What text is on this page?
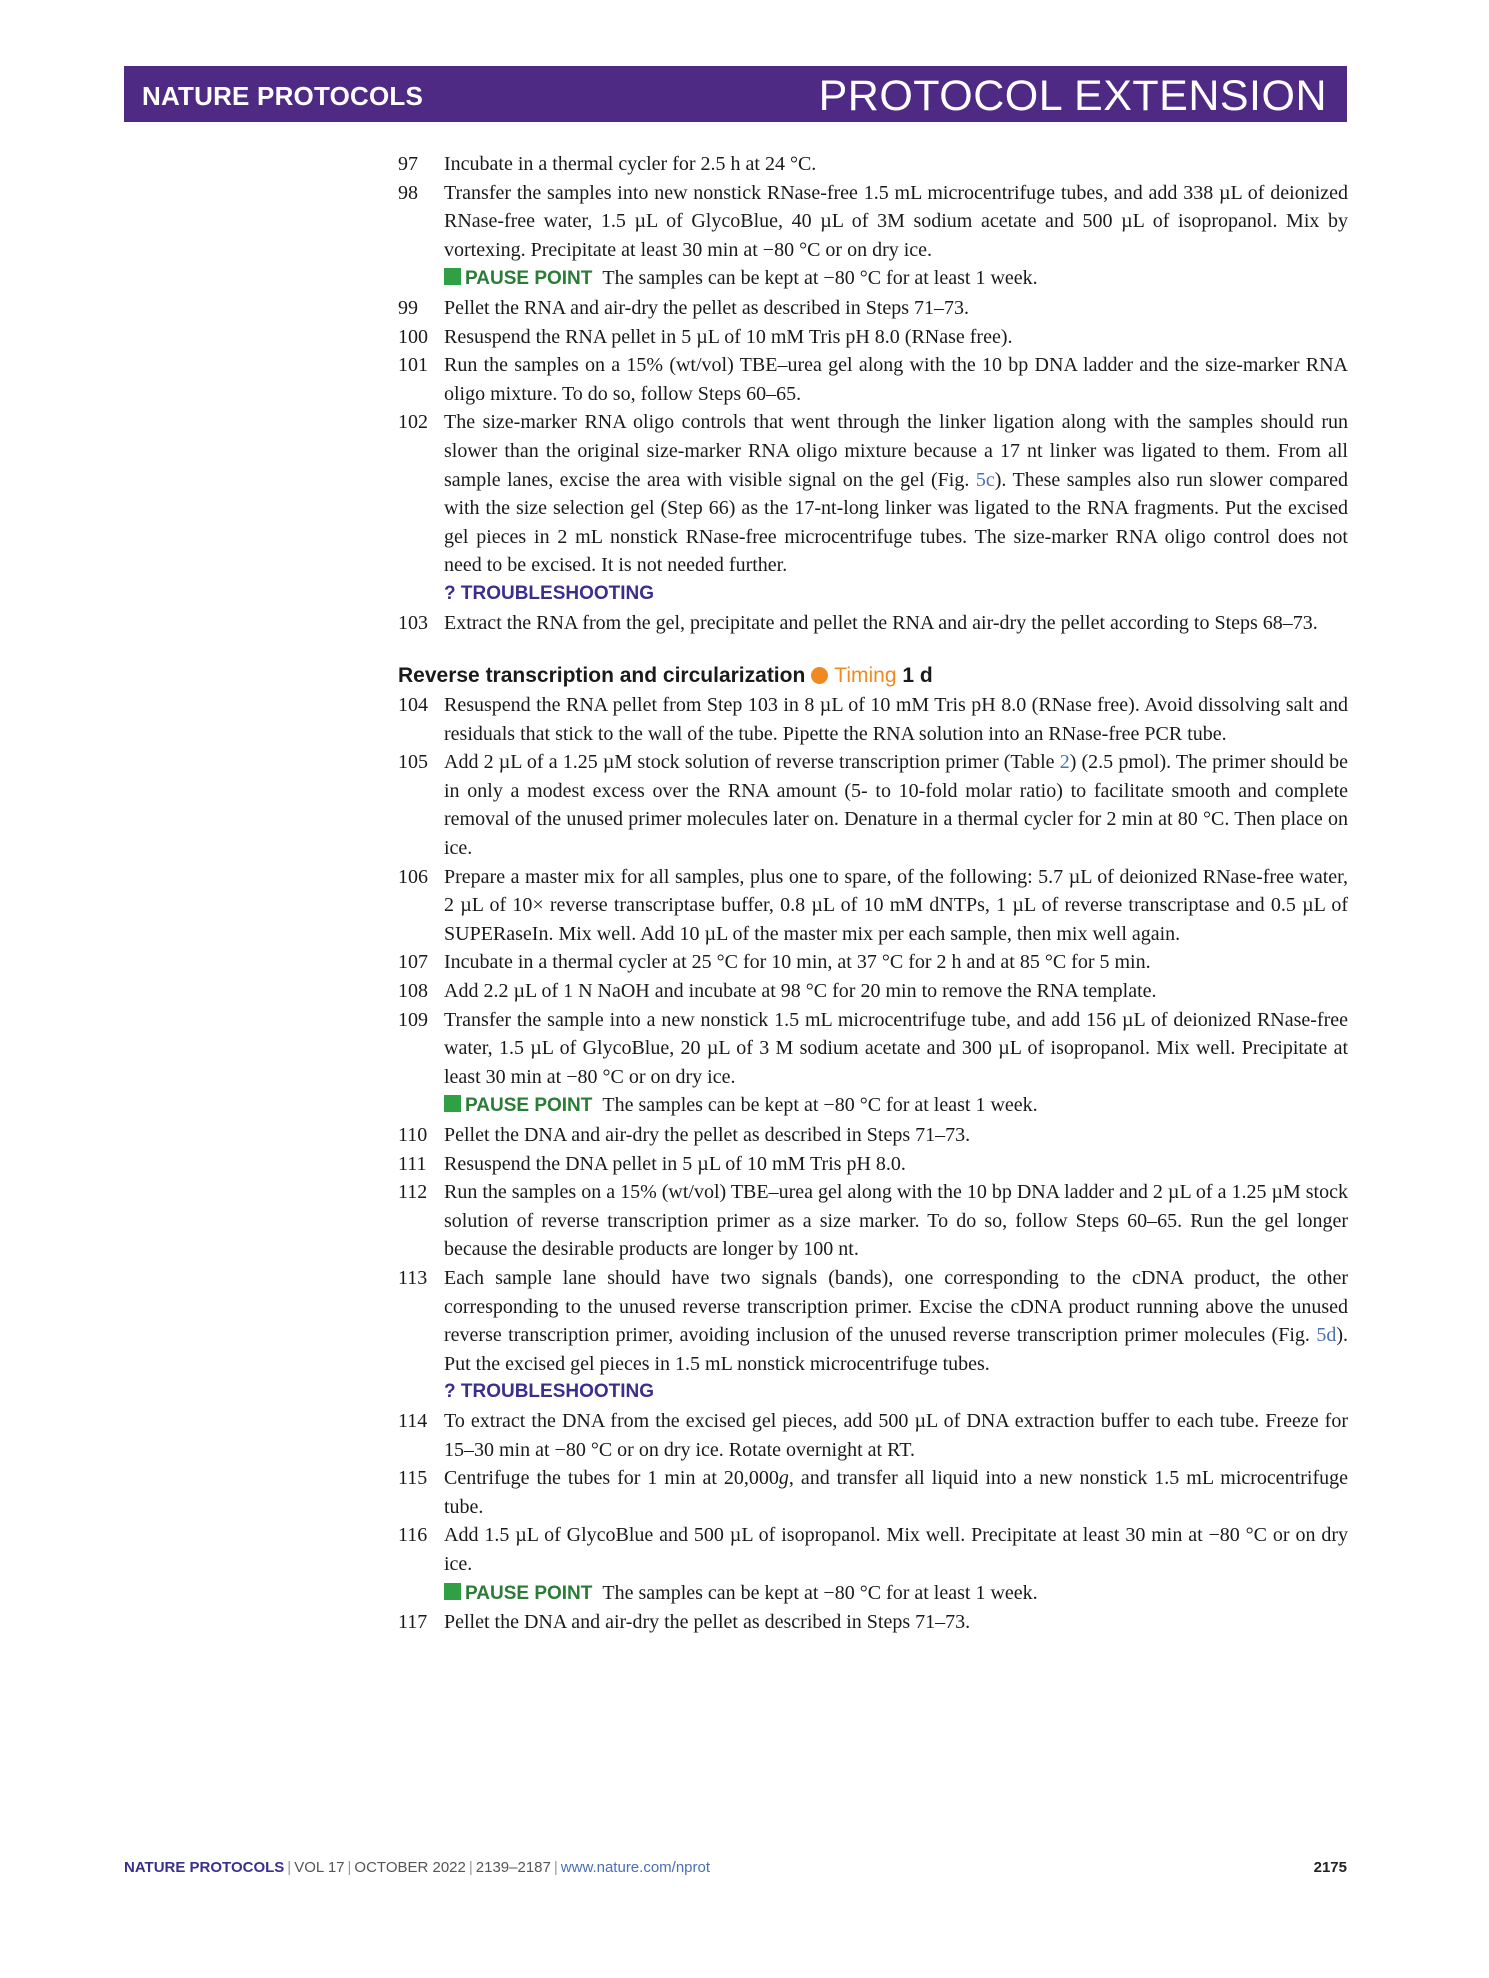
NATURE PROTOCOLS	PROTOCOL EXTENSION
97 Incubate in a thermal cycler for 2.5 h at 24 °C.

98 Transfer the samples into new nonstick RNase-free 1.5 mL microcentrifuge tubes, and add 338 µL of deionized RNase-free water, 1.5 µL of GlycoBlue, 40 µL of 3M sodium acetate and 500 µL of isopropanol. Mix by vortexing. Precipitate at least 30 min at −80 °C or on dry ice.

PAUSE POINT The samples can be kept at −80 °C for at least 1 week.

99 Pellet the RNA and air-dry the pellet as described in Steps 71–73.

100 Resuspend the RNA pellet in 5 µL of 10 mM Tris pH 8.0 (RNase free).

101 Run the samples on a 15% (wt/vol) TBE–urea gel along with the 10 bp DNA ladder and the size-marker RNA oligo mixture. To do so, follow Steps 60–65.

102 The size-marker RNA oligo controls that went through the linker ligation along with the samples should run slower than the original size-marker RNA oligo mixture because a 17 nt linker was ligated to them. From all sample lanes, excise the area with visible signal on the gel (Fig. 5c). These samples also run slower compared with the size selection gel (Step 66) as the 17-nt-long linker was ligated to the RNA fragments. Put the excised gel pieces in 2 mL nonstick RNase-free microcentrifuge tubes. The size-marker RNA oligo control does not need to be excised. It is not needed further.

? TROUBLESHOOTING

103 Extract the RNA from the gel, precipitate and pellet the RNA and air-dry the pellet according to Steps 68–73.

Reverse transcription and circularization Timing 1 d
104 Resuspend the RNA pellet from Step 103 in 8 µL of 10 mM Tris pH 8.0 (RNase free). Avoid dissolving salt and residuals that stick to the wall of the tube. Pipette the RNA solution into an RNase-free PCR tube.

105 Add 2 µL of a 1.25 µM stock solution of reverse transcription primer (Table 2) (2.5 pmol). The primer should be in only a modest excess over the RNA amount (5- to 10-fold molar ratio) to facilitate smooth and complete removal of the unused primer molecules later on. Denature in a thermal cycler for 2 min at 80 °C. Then place on ice.

106 Prepare a master mix for all samples, plus one to spare, of the following: 5.7 µL of deionized RNase-free water, 2 µL of 10× reverse transcriptase buffer, 0.8 µL of 10 mM dNTPs, 1 µL of reverse transcriptase and 0.5 µL of SUPERaseIn. Mix well. Add 10 µL of the master mix per each sample, then mix well again.

107 Incubate in a thermal cycler at 25 °C for 10 min, at 37 °C for 2 h and at 85 °C for 5 min.

108 Add 2.2 µL of 1 N NaOH and incubate at 98 °C for 20 min to remove the RNA template.

109 Transfer the sample into a new nonstick 1.5 mL microcentrifuge tube, and add 156 µL of deionized RNase-free water, 1.5 µL of GlycoBlue, 20 µL of 3 M sodium acetate and 300 µL of isopropanol. Mix well. Precipitate at least 30 min at −80 °C or on dry ice.

PAUSE POINT The samples can be kept at −80 °C for at least 1 week.

110 Pellet the DNA and air-dry the pellet as described in Steps 71–73.

111 Resuspend the DNA pellet in 5 µL of 10 mM Tris pH 8.0.

112 Run the samples on a 15% (wt/vol) TBE–urea gel along with the 10 bp DNA ladder and 2 µL of a 1.25 µM stock solution of reverse transcription primer as a size marker. To do so, follow Steps 60–65. Run the gel longer because the desirable products are longer by 100 nt.

113 Each sample lane should have two signals (bands), one corresponding to the cDNA product, the other corresponding to the unused reverse transcription primer. Excise the cDNA product running above the unused reverse transcription primer, avoiding inclusion of the unused reverse transcription primer molecules (Fig. 5d). Put the excised gel pieces in 1.5 mL nonstick microcentrifuge tubes.

? TROUBLESHOOTING

114 To extract the DNA from the excised gel pieces, add 500 µL of DNA extraction buffer to each tube. Freeze for 15–30 min at −80 °C or on dry ice. Rotate overnight at RT.

115 Centrifuge the tubes for 1 min at 20,000g, and transfer all liquid into a new nonstick 1.5 mL microcentrifuge tube.

116 Add 1.5 µL of GlycoBlue and 500 µL of isopropanol. Mix well. Precipitate at least 30 min at −80 °C or on dry ice.

PAUSE POINT The samples can be kept at −80 °C for at least 1 week.

117 Pellet the DNA and air-dry the pellet as described in Steps 71–73.

NATURE PROTOCOLS | VOL 17 | OCTOBER 2022 | 2139–2187 | www.nature.com/nprot	2175
